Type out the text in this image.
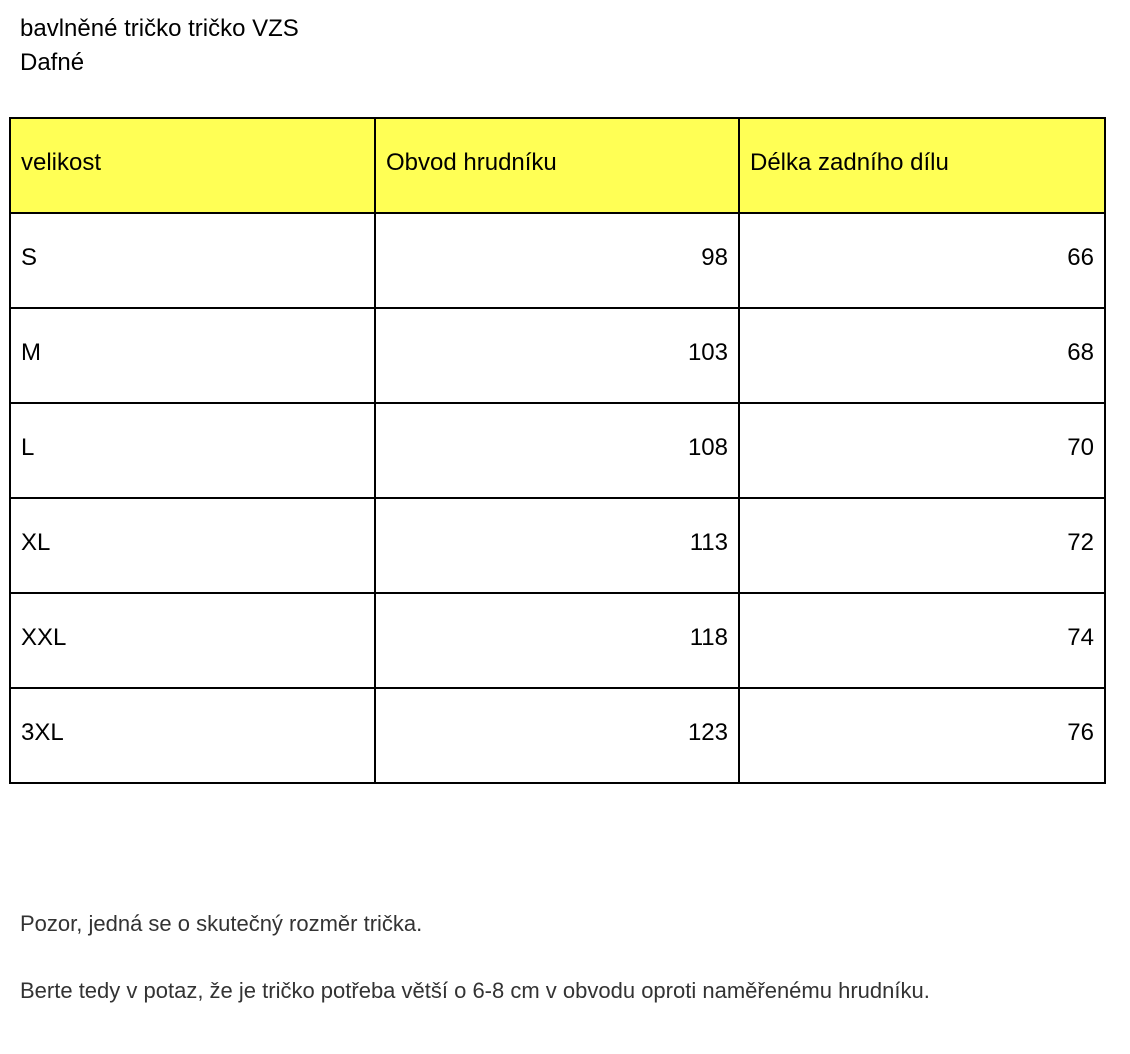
bavlněné tričko tričko VZS
Dafné
velikost	Obvod hrudníku	Délka zadního dílu
S	98	66
M	103	68
L	108	70
XL	113	72
XXL	118	74
3XL	123	76
Pozor, jedná se o skutečný rozměr trička.
Berte tedy v potaz, že je tričko potřeba větší o 6-8 cm v obvodu oproti naměřenému hrudníku.
